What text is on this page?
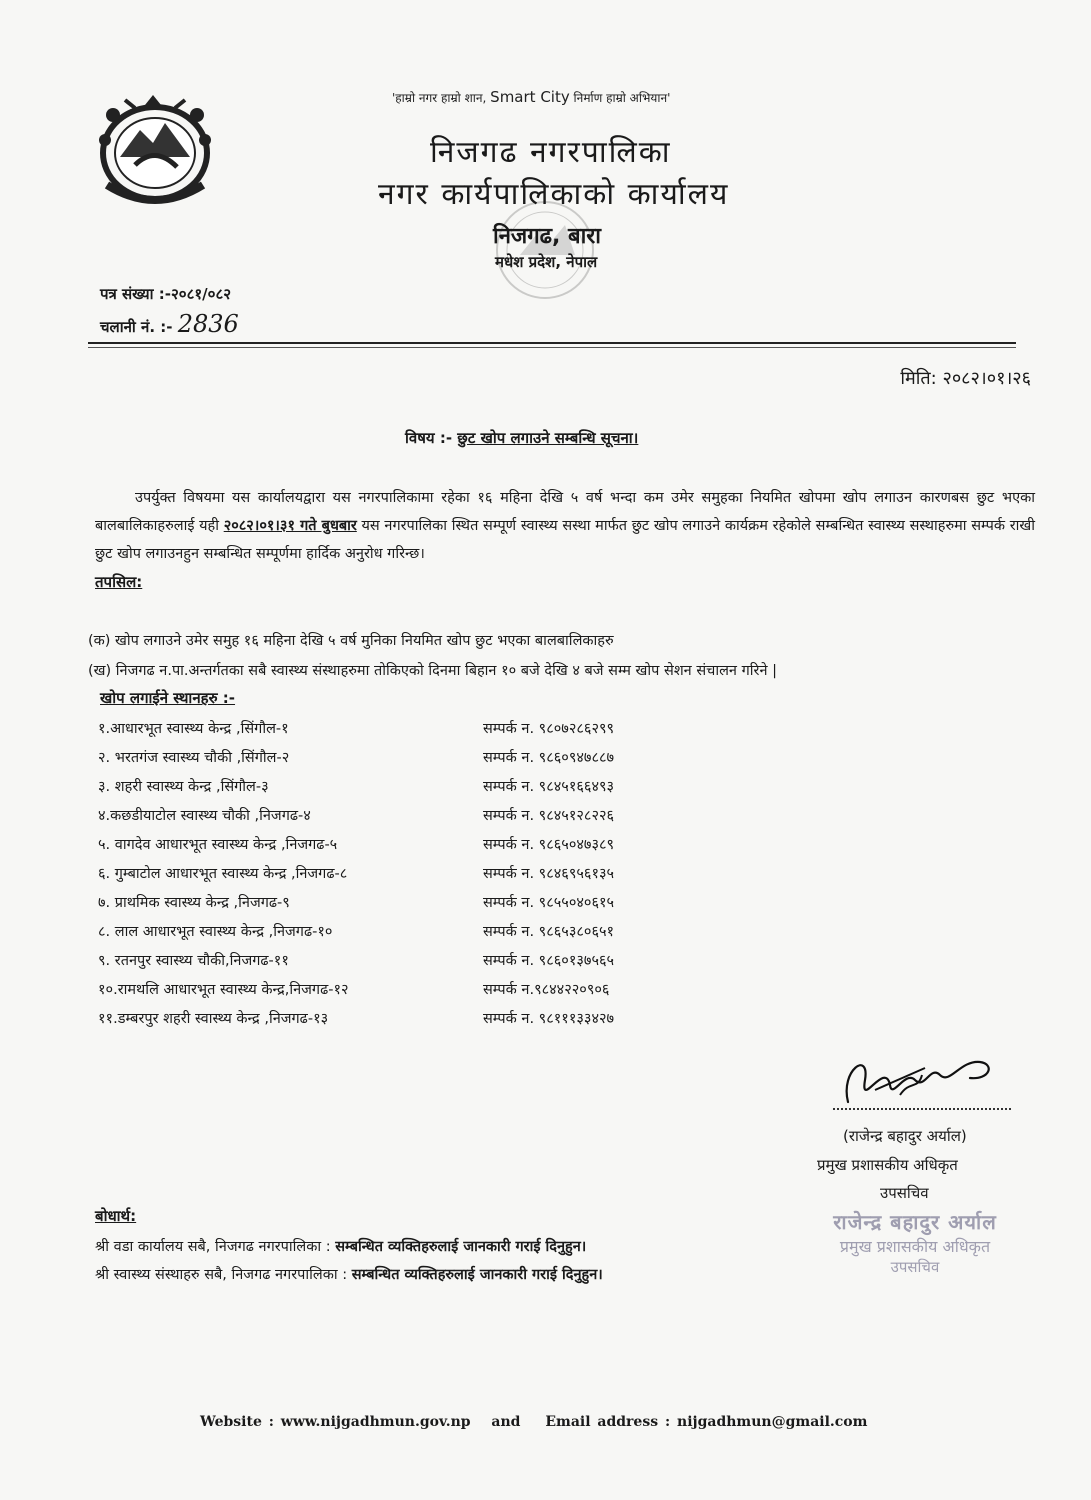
'हाम्रो नगर हाम्रो शान, Smart City निर्माण हाम्रो अभियान'
निजगढ नगरपालिका
नगर कार्यपालिकाको कार्यालय
निजगढ, बारा
मधेश प्रदेश, नेपाल
पत्र संख्या :-२०८१/०८२
चलानी नं. :- 2836
मिति: २०८२।०१।२६
विषय :- छुट खोप लगाउने सम्बन्धि सूचना।
उपर्युक्त विषयमा यस कार्यालयद्वारा यस नगरपालिकामा रहेका १६ महिना देखि ५ वर्ष भन्दा कम उमेर समुहका नियमित खोपमा खोप लगाउन कारणबस छुट भएका बालबालिकाहरुलाई यही २०८२।०१।३१ गते बुधबार यस नगरपालिका स्थित सम्पूर्ण स्वास्थ्य सस्था मार्फत छुट खोप लगाउने कार्यक्रम रहेकोले सम्बन्धित स्वास्थ्य सस्थाहरुमा सम्पर्क राखी छुट खोप लगाउनहुन सम्बन्धित सम्पूर्णमा हार्दिक अनुरोध गरिन्छ।
तपसिल:
(क) खोप लगाउने उमेर समुह १६ महिना देखि ५ वर्ष मुनिका नियमित खोप छुट भएका बालबालिकाहरु
(ख) निजगढ न.पा.अन्तर्गतका सबै स्वास्थ्य संस्थाहरुमा तोकिएको दिनमा बिहान १० बजे देखि ४ बजे सम्म खोप सेशन संचालन गरिने |
खोप लगाईने स्थानहरु :-
१.आधारभूत स्वास्थ्य केन्द्र ,सिंगौल-१	सम्पर्क न. ९८०७२८६२९९
२. भरतगंज स्वास्थ्य चौकी ,सिंगौल-२	सम्पर्क न. ९८६०९४७८८७
३. शहरी स्वास्थ्य केन्द्र ,सिंगौल-३	सम्पर्क न. ९८४५१६६४९३
४.कछडीयाटोल स्वास्थ्य चौकी ,निजगढ-४	सम्पर्क न. ९८४५१२८२२६
५. वागदेव आधारभूत स्वास्थ्य केन्द्र ,निजगढ-५	सम्पर्क न. ९८६५०४७३८९
६. गुम्बाटोल आधारभूत स्वास्थ्य केन्द्र ,निजगढ-८	सम्पर्क न. ९८४६९५६१३५
७. प्राथमिक स्वास्थ्य केन्द्र ,निजगढ-९	सम्पर्क न. ९८५५०४०६१५
८. लाल आधारभूत स्वास्थ्य केन्द्र ,निजगढ-१०	सम्पर्क न. ९८६५३८०६५१
९. रतनपुर स्वास्थ्य चौकी,निजगढ-११	सम्पर्क न. ९८६०१३७५६५
१०.रामथलि आधारभूत स्वास्थ्य केन्द्र,निजगढ-१२	सम्पर्क न.९८४४२२०९०६
११.डम्बरपुर शहरी स्वास्थ्य केन्द्र ,निजगढ-१३	सम्पर्क न. ९८१११३३४२७
(राजेन्द्र बहादुर अर्याल)
प्रमुख प्रशासकीय अधिकृत
उपसचिव
राजेन्द्र बहादुर अर्याल
प्रमुख प्रशासकीय अधिकृत
उपसचिव
बोधार्थ:
श्री वडा कार्यालय सबै, निजगढ नगरपालिका : सम्बन्धित व्यक्तिहरुलाई जानकारी गराई दिनुहुन।
श्री स्वास्थ्य संस्थाहरु सबै, निजगढ नगरपालिका : सम्बन्धित व्यक्तिहरुलाई जानकारी गराई दिनुहुन।
Website : www.nijgadhmun.gov.np and Email address : nijgadhmun@gmail.com
